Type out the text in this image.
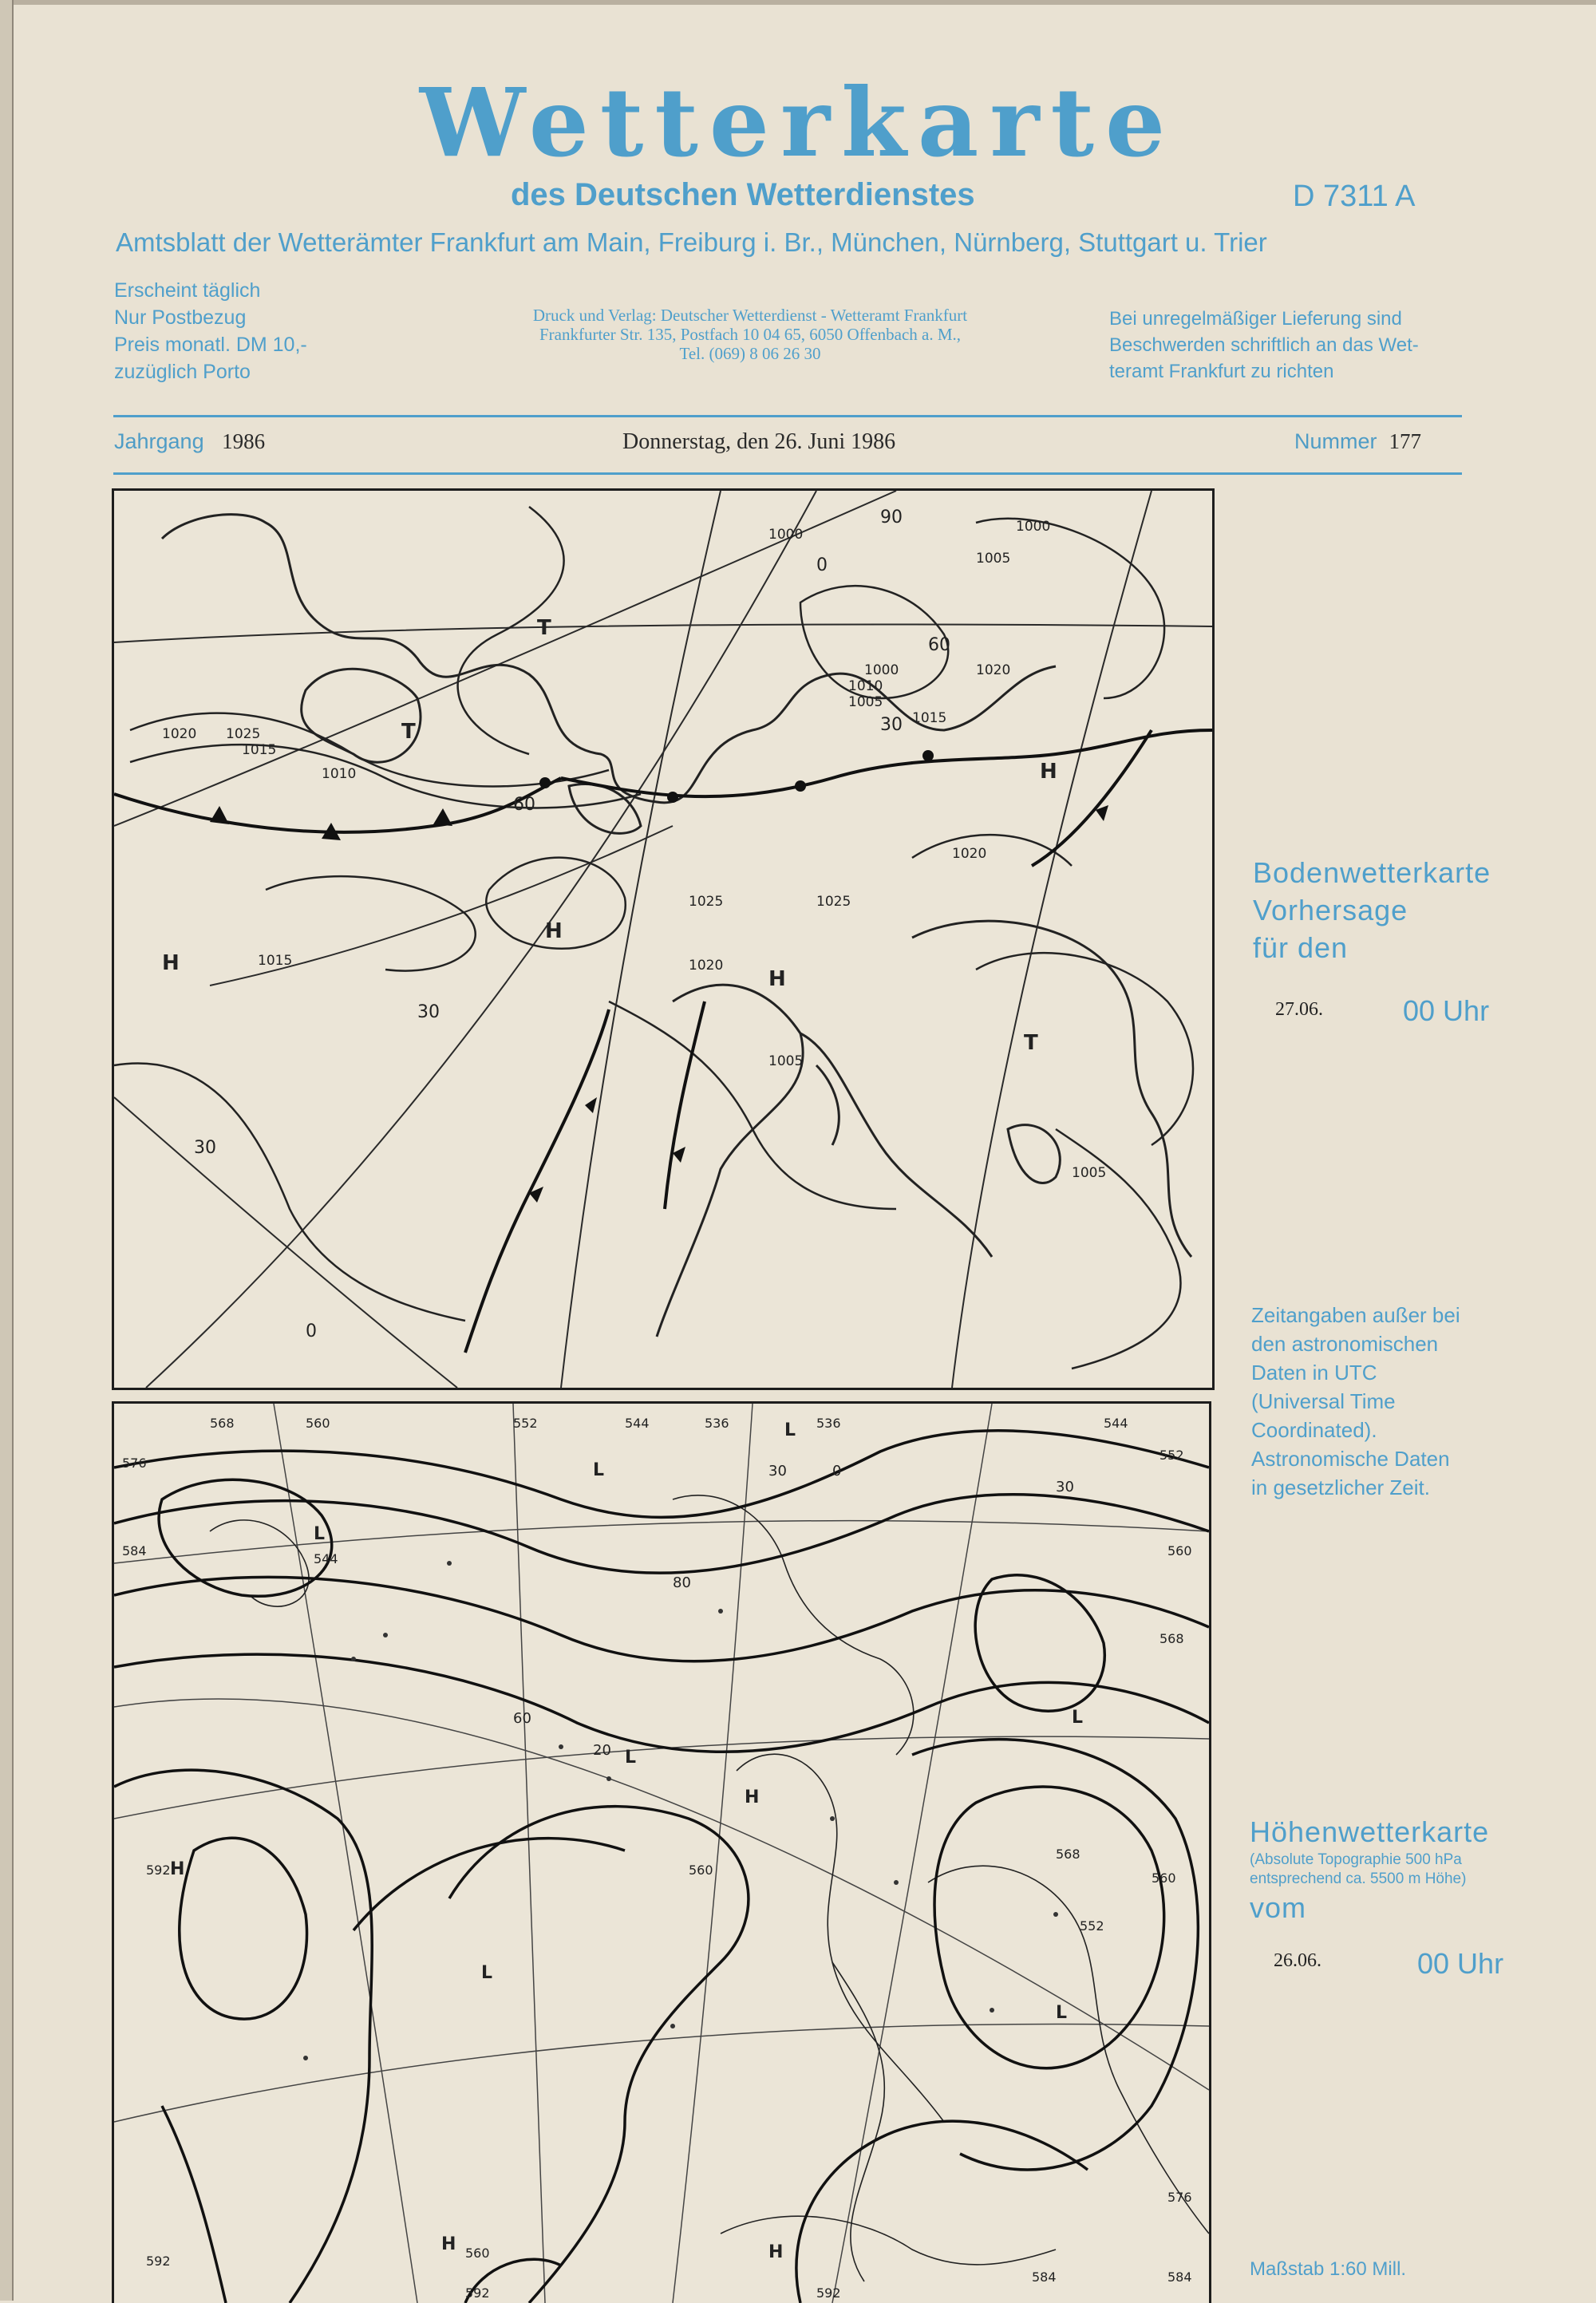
Wetterkarte
des Deutschen Wetterdienstes	D 7311 A
Amtsblatt der Wetterämter Frankfurt am Main, Freiburg i. Br., München, Nürnberg, Stuttgart u. Trier
Erscheint täglich
Nur Postbezug
Preis monatl. DM 10,-
zuzüglich Porto
Druck und Verlag: Deutscher Wetterdienst - Wetteramt Frankfurt
Frankfurter Str. 135, Postfach 10 04 65, 6050 Offenbach a. M.,
Tel. (069) 8 06 26 30
Bei unregelmäßiger Lieferung sind
Beschwerden schriftlich an das Wet-
teramt Frankfurt zu richten
Jahrgang 1986	Donnerstag, den 26. Juni 1986	Nummer 177
1000
1005
1010
1015
1020
1025
1020 1025
1015
1020
1015
1005
1010
1000
1005
1020
1025
1000
1005
60
30
30
60
30
90
0
0
H
H
H
H
T
T
T
Bodenwetterkarte
Vorhersage
für den
27.06.	00 Uhr
Zeitangaben außer bei
den astronomischen
Daten in UTC
(Universal Time
Coordinated).
Astronomische Daten
in gesetzlicher Zeit.
568	560	552	544	536	536	544
552
560
568
576
584
544
560
560
552
568
560
576
584
592
592
592	592
584
30	0
30
60
20
80
L
L
L
L
L
L
L
H
H
H	H
Höhenwetterkarte
(Absolute Topographie 500 hPa
entsprechend ca. 5500 m Höhe)
vom
26.06.	00 Uhr
Maßstab 1:60 Mill.
